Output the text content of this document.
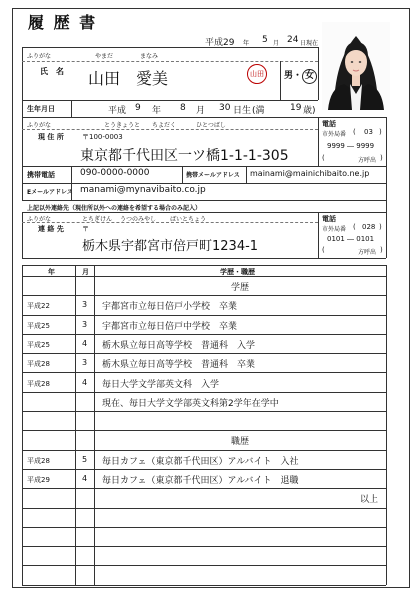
履 歴 書
平成29 年 5 月 24 日現在
ふりがな	やまだ	まなみ
氏　名 山田　愛美	山田	男・ 女
生年月日	平成 9 年 8 月 30 日生 (満	19 歳)
ふりがな	とうきょうと ちよだく	ひとつばし
現 住 所	〒100-0003
東京都千代田区一ツ橋1-1-1-305
電話
市外局番 ( 03 )
9999 ― 9999
(	方呼出 )
携帯電話	090-0000-0000	携帯メールアドレス mainami@mainichibaito.ne.jp
Eメールアドレス manami@mynavibaito.co.jp
上記以外連絡先（現住所以外への連絡を希望する場合のみ記入）
ふりがな	とちぎけん うつのみやし ばいとちょう
連 絡 先	〒
栃木県宇都宮市倍戸町1234-1
電話
市外局番 ( 028 )
0101 ― 0101
(	方呼出 )
年	月	学歴・職歴
学歴
平成22	3 宇都宮市立毎日倍戸小学校　卒業
平成25	3 宇都宮市立毎日倍戸中学校　卒業
平成25	4 栃木県立毎日高等学校　普通科　入学
平成28	3 栃木県立毎日高等学校　普通科　卒業
平成28	4 毎日大学文学部英文科　入学
現在、毎日大学文学部英文科第2学年在学中
職歴
平成28	5 毎日カフェ（東京都千代田区）アルバイト　入社
平成29	4 毎日カフェ（東京都千代田区）アルバイト　退職
以上
